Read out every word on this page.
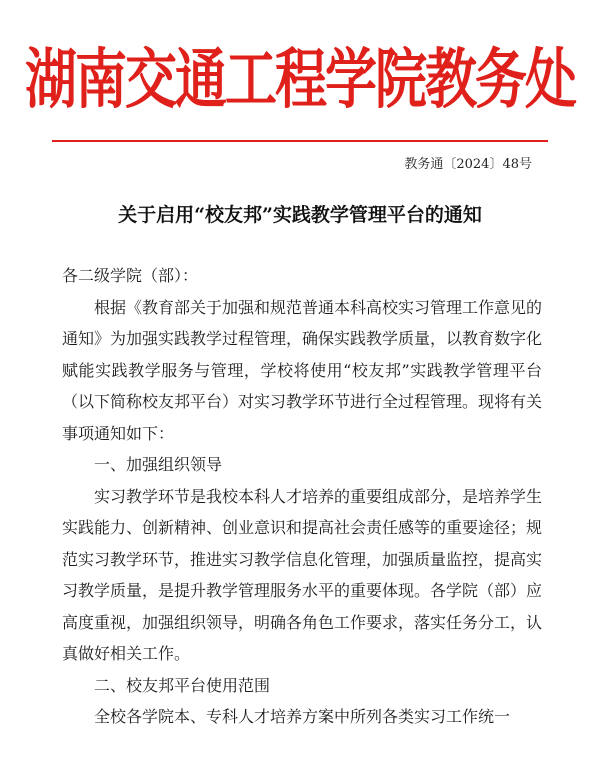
湖南交通工程学院教务处
教务通〔2024〕48号
关于启用“校友邦”实践教学管理平台的通知

各二级学院（部）：

根据《教育部关于加强和规范普通本科高校实习管理工作意见的通知》为加强实践教学过程管理，确保实践教学质量，以教育数字化赋能实践教学服务与管理，学校将使用“校友邦”实践教学管理平台（以下简称校友邦平台）对实习教学环节进行全过程管理。现将有关事项通知如下：

一、加强组织领导

实习教学环节是我校本科人才培养的重要组成部分，是培养学生实践能力、创新精神、创业意识和提高社会责任感等的重要途径；规范实习教学环节，推进实习教学信息化管理，加强质量监控，提高实习教学质量，是提升教学管理服务水平的重要体现。各学院（部）应高度重视，加强组织领导，明确各角色工作要求，落实任务分工，认真做好相关工作。

二、校友邦平台使用范围

全校各学院本、专科人才培养方案中所列各类实习工作统一
